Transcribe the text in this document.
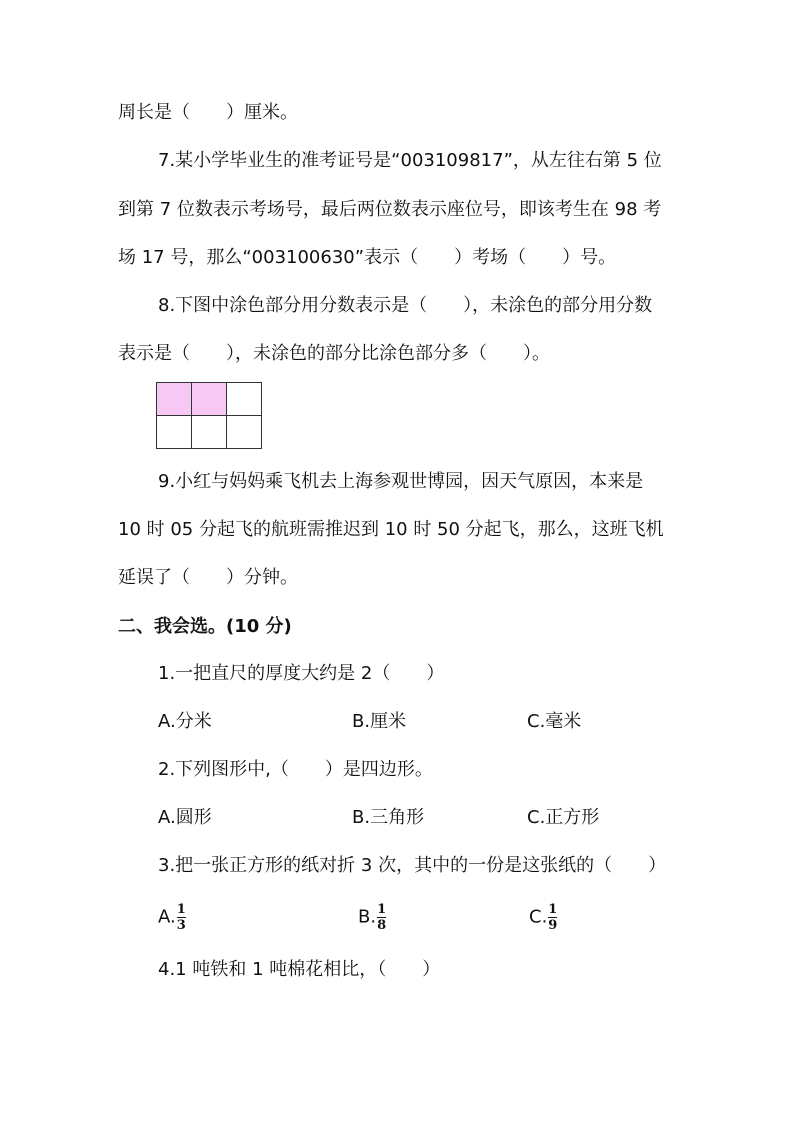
周长是（　　）厘米。
7.某小学毕业生的准考证号是“003109817”，从左往右第 5 位
到第 7 位数表示考场号，最后两位数表示座位号，即该考生在 98 考
场 17 号，那么“003100630”表示（　　）考场（　　）号。
8.下图中涂色部分用分数表示是（　　），未涂色的部分用分数
表示是（　　），未涂色的部分比涂色部分多（　　）。
9.小红与妈妈乘飞机去上海参观世博园，因天气原因，本来是
10 时 05 分起飞的航班需推迟到 10 时 50 分起飞，那么，这班飞机
延误了（　　）分钟。
二、我会选。(10 分)
1.一把直尺的厚度大约是 2（　　）
A.分米	B.厘米	C.毫米
2.下列图形中,（　　）是四边形。
A.圆形	B.三角形	C.正方形
3.把一张正方形的纸对折 3 次，其中的一份是这张纸的（　　）
A. $\frac{1}{3}$	B. $\frac{1}{8}$	C. $\frac{1}{9}$
4.1 吨铁和 1 吨棉花相比，（　　）
